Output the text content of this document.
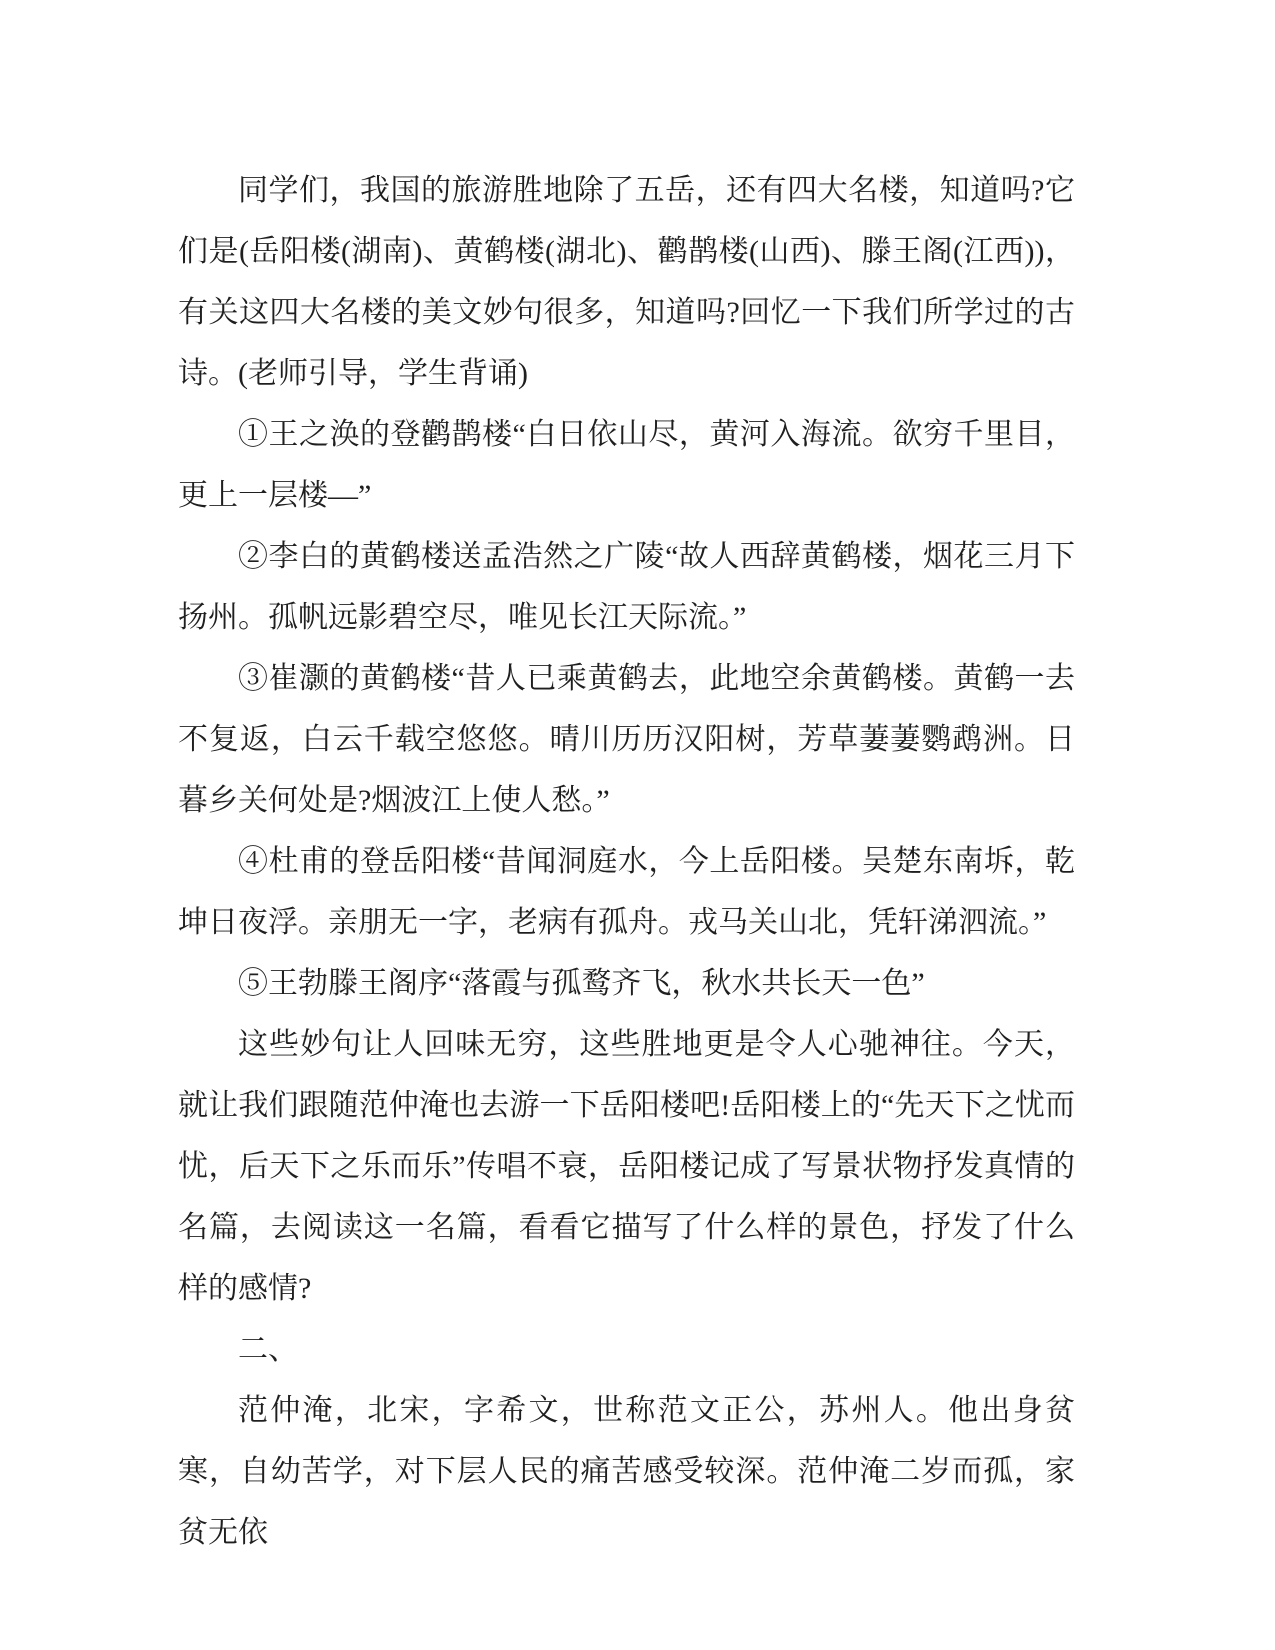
同学们，我国的旅游胜地除了五岳，还有四大名楼，知道吗?它们是(岳阳楼(湖南)、黄鹤楼(湖北)、鹳鹊楼(山西)、滕王阁(江西))，有关这四大名楼的美文妙句很多，知道吗?回忆一下我们所学过的古诗。(老师引导，学生背诵)

①王之涣的登鹳鹊楼“白日依山尽，黄河入海流。欲穷千里目，更上一层楼—”

②李白的黄鹤楼送孟浩然之广陵“故人西辞黄鹤楼，烟花三月下扬州。孤帆远影碧空尽，唯见长江天际流。”

③崔灏的黄鹤楼“昔人已乘黄鹤去，此地空余黄鹤楼。黄鹤一去不复返，白云千载空悠悠。晴川历历汉阳树，芳草萋萋鹦鹉洲。日暮乡关何处是?烟波江上使人愁。”

④杜甫的登岳阳楼“昔闻洞庭水，今上岳阳楼。吴楚东南坼，乾坤日夜浮。亲朋无一字，老病有孤舟。戎马关山北，凭轩涕泗流。”

⑤王勃滕王阁序“落霞与孤鹜齐飞，秋水共长天一色”

这些妙句让人回味无穷，这些胜地更是令人心驰神往。今天，就让我们跟随范仲淹也去游一下岳阳楼吧!岳阳楼上的“先天下之忧而忧，后天下之乐而乐”传唱不衰，岳阳楼记成了写景状物抒发真情的名篇，去阅读这一名篇，看看它描写了什么样的景色，抒发了什么样的感情?

二、

范仲淹，北宋，字希文，世称范文正公，苏州人。他出身贫寒，自幼苦学，对下层人民的痛苦感受较深。范仲淹二岁而孤，家贫无依
